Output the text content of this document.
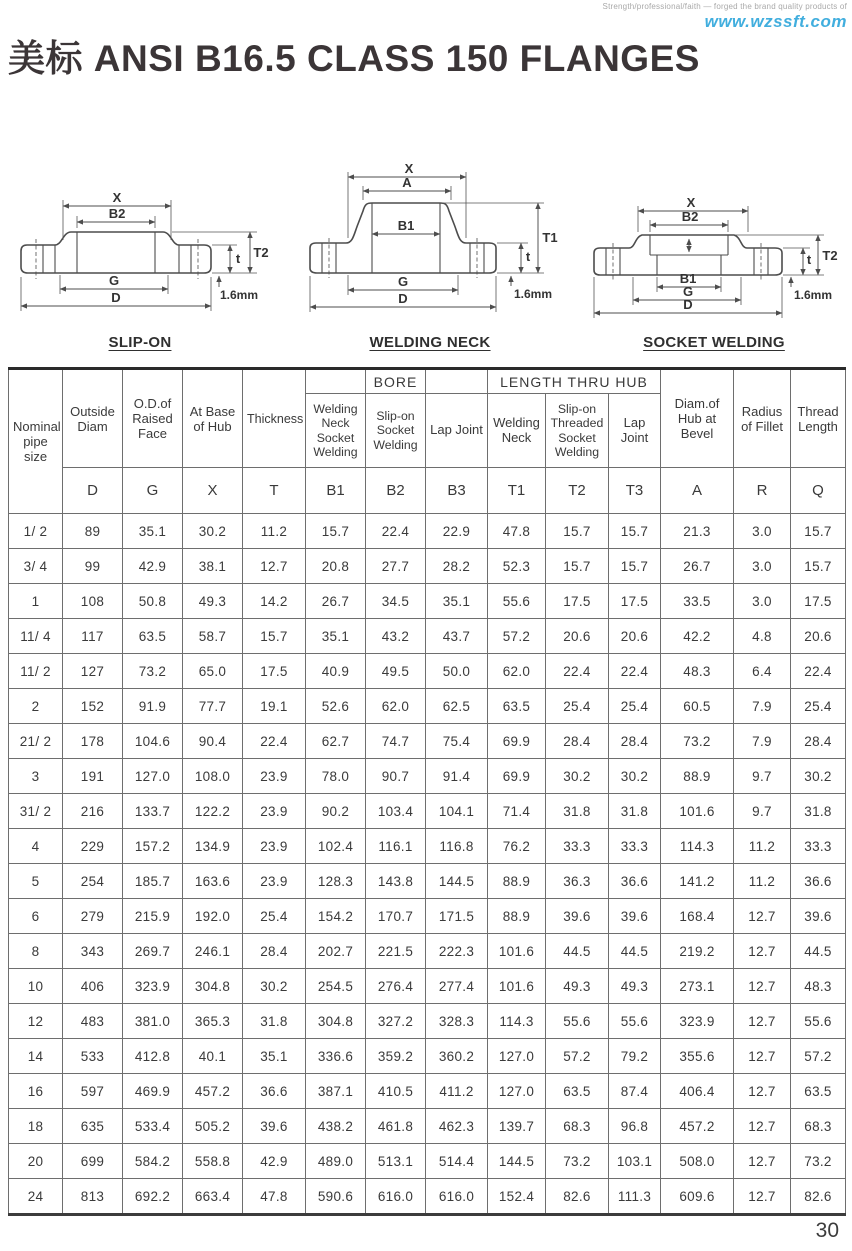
Strength/professional/faith — forged the brand quality products of
www.wzssft.com
美标 ANSI B16.5 CLASS 150 FLANGES
X
B2
G
D
t T2
1.6mm
SLIP-ON
X
A
B1
G
D
T1
t
1.6mm
WELDING NECK
X
B2
B1
G
D
T2
t
1.6mm
SOCKET WELDING
Nominal pipe size	Outside Diam	O.D.of Raised Face	At Base of Hub	Thickness		BORE		LENGTH THRU HUB			Diam.of Hub at Bevel	Radius of Fillet	Thread Length
					Welding Neck Socket Welding	Slip-on Socket Welding	Lap Joint	Welding Neck	Slip-on Threaded Socket Welding	Lap Joint			
	D	G	X	T	B1	B2	B3	T1	T2	T3	A	R	Q
1/ 2	89	35.1	30.2	11.2	15.7	22.4	22.9	47.8	15.7	15.7	21.3	3.0	15.7
3/ 4	99	42.9	38.1	12.7	20.8	27.7	28.2	52.3	15.7	15.7	26.7	3.0	15.7
1	108	50.8	49.3	14.2	26.7	34.5	35.1	55.6	17.5	17.5	33.5	3.0	17.5
11/ 4	117	63.5	58.7	15.7	35.1	43.2	43.7	57.2	20.6	20.6	42.2	4.8	20.6
11/ 2	127	73.2	65.0	17.5	40.9	49.5	50.0	62.0	22.4	22.4	48.3	6.4	22.4
2	152	91.9	77.7	19.1	52.6	62.0	62.5	63.5	25.4	25.4	60.5	7.9	25.4
21/ 2	178	104.6	90.4	22.4	62.7	74.7	75.4	69.9	28.4	28.4	73.2	7.9	28.4
3	191	127.0	108.0	23.9	78.0	90.7	91.4	69.9	30.2	30.2	88.9	9.7	30.2
31/ 2	216	133.7	122.2	23.9	90.2	103.4	104.1	71.4	31.8	31.8	101.6	9.7	31.8
4	229	157.2	134.9	23.9	102.4	116.1	116.8	76.2	33.3	33.3	114.3	11.2	33.3
5	254	185.7	163.6	23.9	128.3	143.8	144.5	88.9	36.3	36.6	141.2	11.2	36.6
6	279	215.9	192.0	25.4	154.2	170.7	171.5	88.9	39.6	39.6	168.4	12.7	39.6
8	343	269.7	246.1	28.4	202.7	221.5	222.3	101.6	44.5	44.5	219.2	12.7	44.5
10	406	323.9	304.8	30.2	254.5	276.4	277.4	101.6	49.3	49.3	273.1	12.7	48.3
12	483	381.0	365.3	31.8	304.8	327.2	328.3	114.3	55.6	55.6	323.9	12.7	55.6
14	533	412.8	40.1	35.1	336.6	359.2	360.2	127.0	57.2	79.2	355.6	12.7	57.2
16	597	469.9	457.2	36.6	387.1	410.5	411.2	127.0	63.5	87.4	406.4	12.7	63.5
18	635	533.4	505.2	39.6	438.2	461.8	462.3	139.7	68.3	96.8	457.2	12.7	68.3
20	699	584.2	558.8	42.9	489.0	513.1	514.4	144.5	73.2	103.1	508.0	12.7	73.2
24	813	692.2	663.4	47.8	590.6	616.0	616.0	152.4	82.6	111.3	609.6	12.7	82.6
30
